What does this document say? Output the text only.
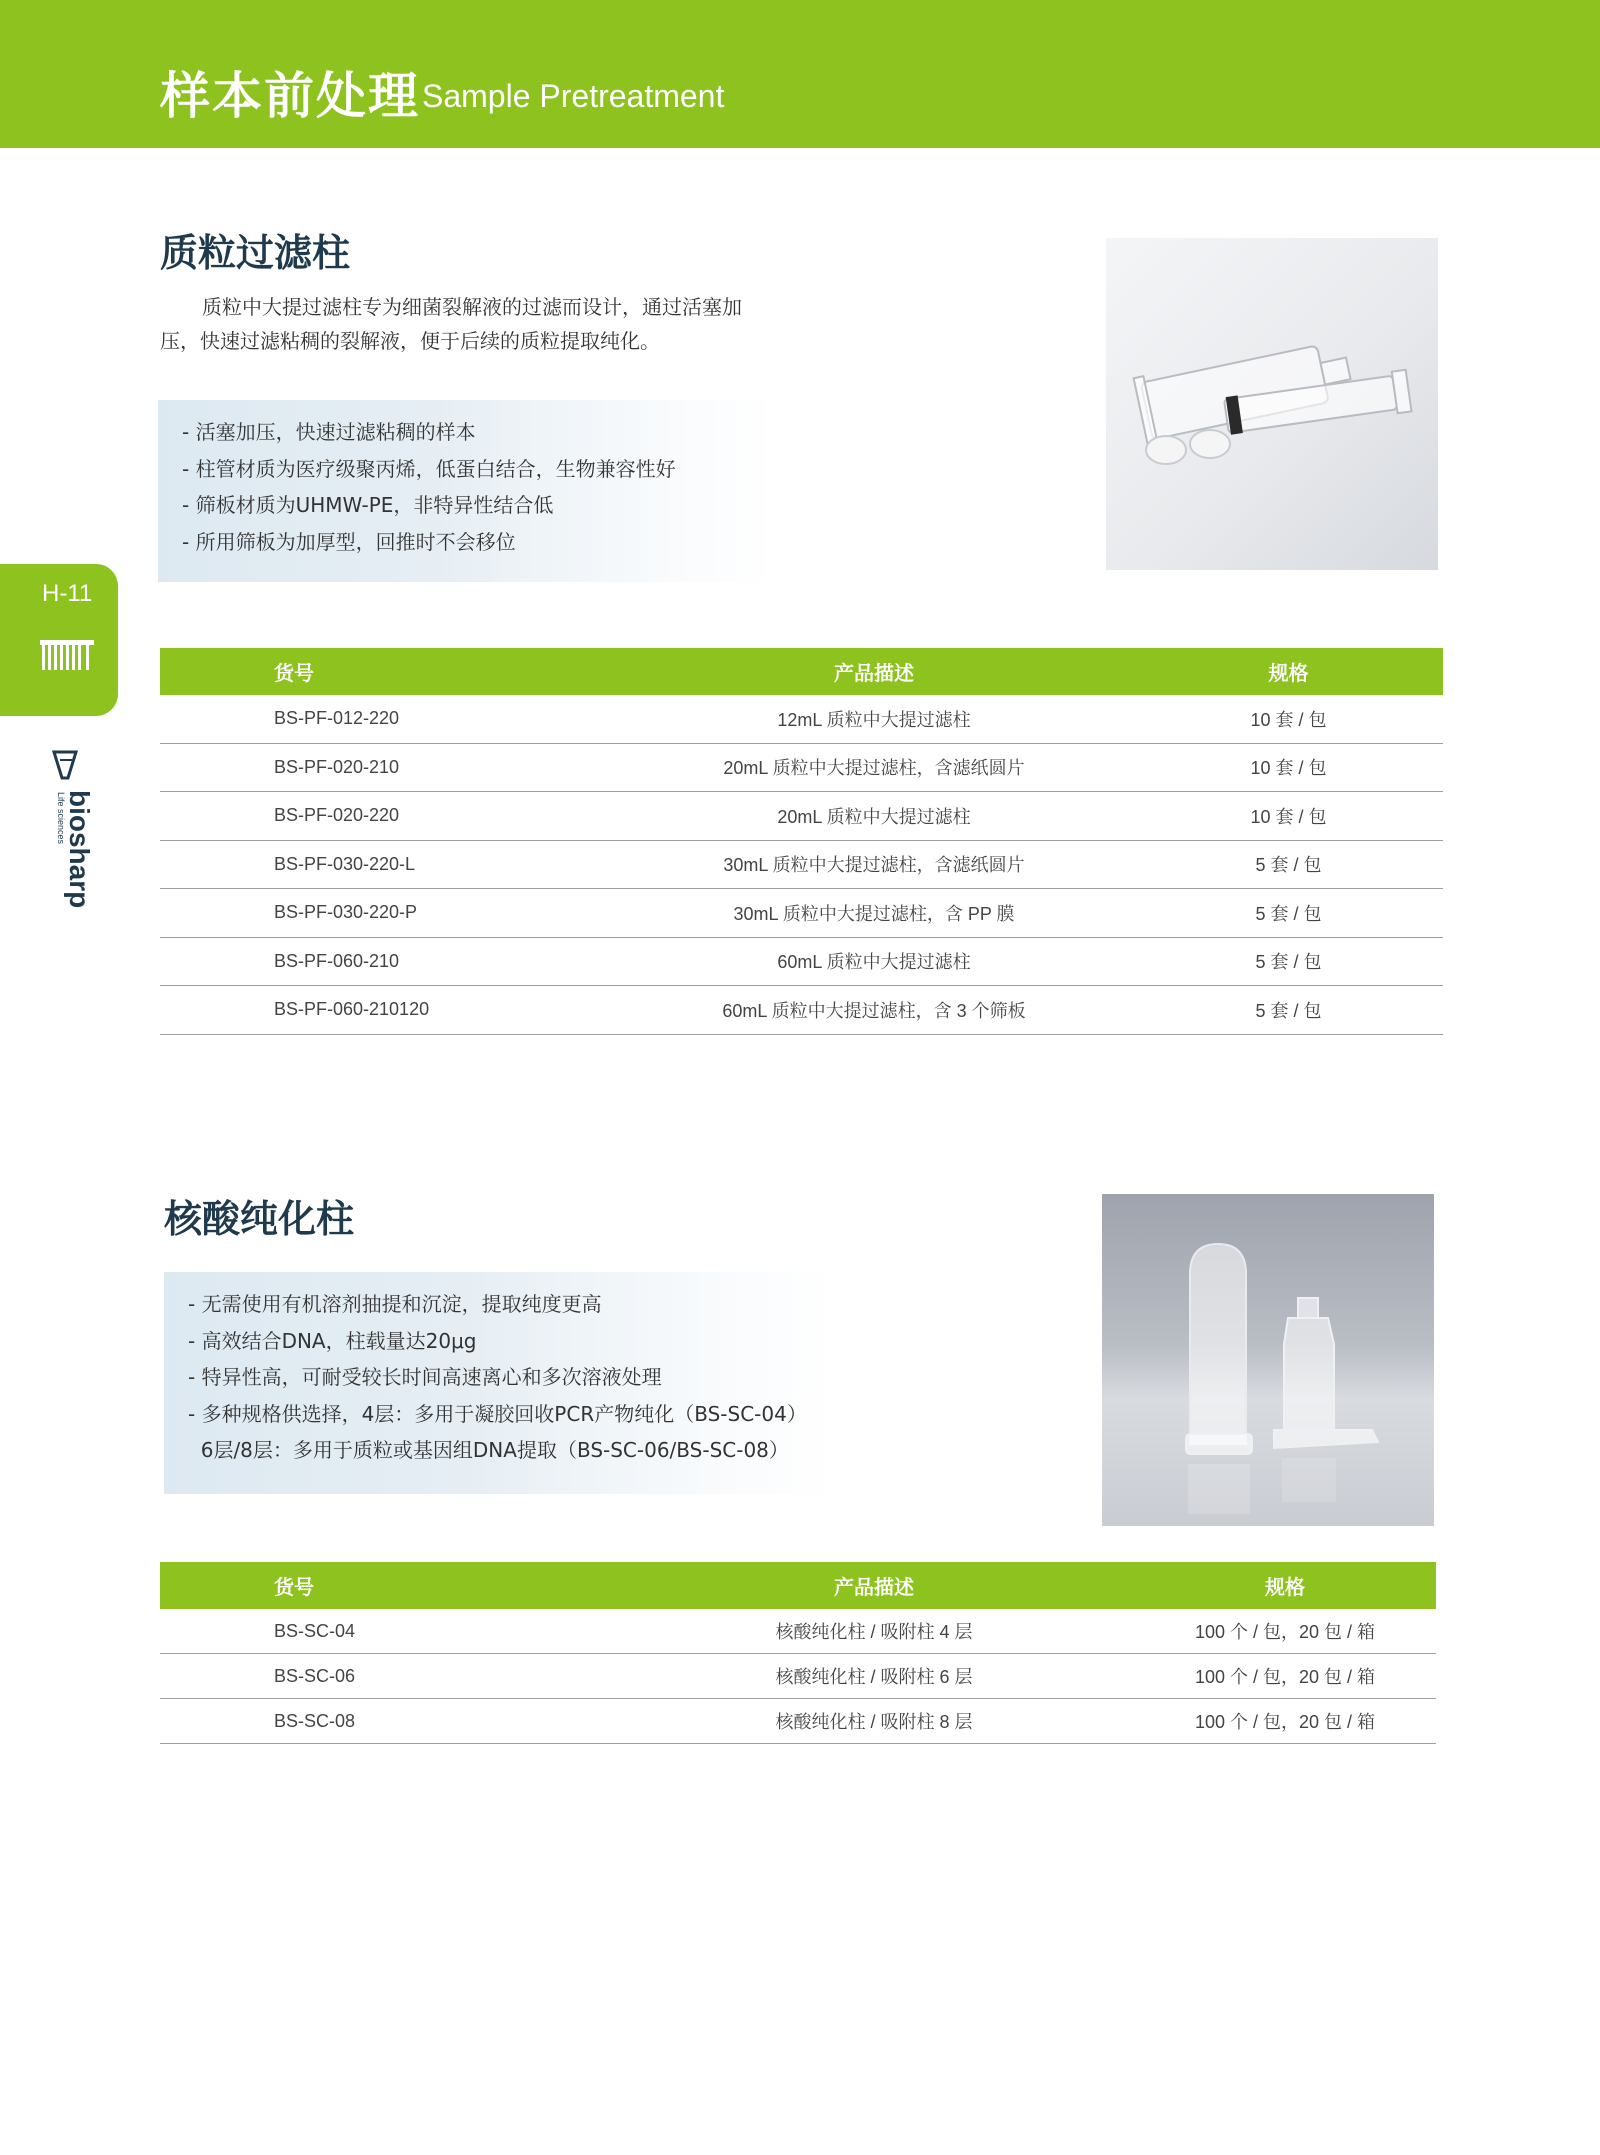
样本前处理 Sample Pretreatment
H-11
biosharp
Life sciences
质粒过滤柱
质粒中大提过滤柱专为细菌裂解液的过滤而设计，通过活塞加压，快速过滤粘稠的裂解液，便于后续的质粒提取纯化。
- 活塞加压，快速过滤粘稠的样本
- 柱管材质为医疗级聚丙烯，低蛋白结合，生物兼容性好
- 筛板材质为UHMW-PE，非特异性结合低
- 所用筛板为加厚型，回推时不会移位
货号	产品描述	规格
BS-PF-012-220	12mL 质粒中大提过滤柱	10 套 / 包
BS-PF-020-210	20mL 质粒中大提过滤柱，含滤纸圆片	10 套 / 包
BS-PF-020-220	20mL 质粒中大提过滤柱	10 套 / 包
BS-PF-030-220-L	30mL 质粒中大提过滤柱，含滤纸圆片	5 套 / 包
BS-PF-030-220-P	30mL 质粒中大提过滤柱，含 PP 膜	5 套 / 包
BS-PF-060-210	60mL 质粒中大提过滤柱	5 套 / 包
BS-PF-060-210120	60mL 质粒中大提过滤柱，含 3 个筛板	5 套 / 包
核酸纯化柱
- 无需使用有机溶剂抽提和沉淀，提取纯度更高
- 高效结合DNA，柱载量达20μg
- 特异性高，可耐受较长时间高速离心和多次溶液处理
- 多种规格供选择，4层：多用于凝胶回收PCR产物纯化（BS-SC-04）
6层/8层：多用于质粒或基因组DNA提取（BS-SC-06/BS-SC-08）
货号	产品描述	规格
BS-SC-04	核酸纯化柱 / 吸附柱 4 层	100 个 / 包，20 包 / 箱
BS-SC-06	核酸纯化柱 / 吸附柱 6 层	100 个 / 包，20 包 / 箱
BS-SC-08	核酸纯化柱 / 吸附柱 8 层	100 个 / 包，20 包 / 箱
